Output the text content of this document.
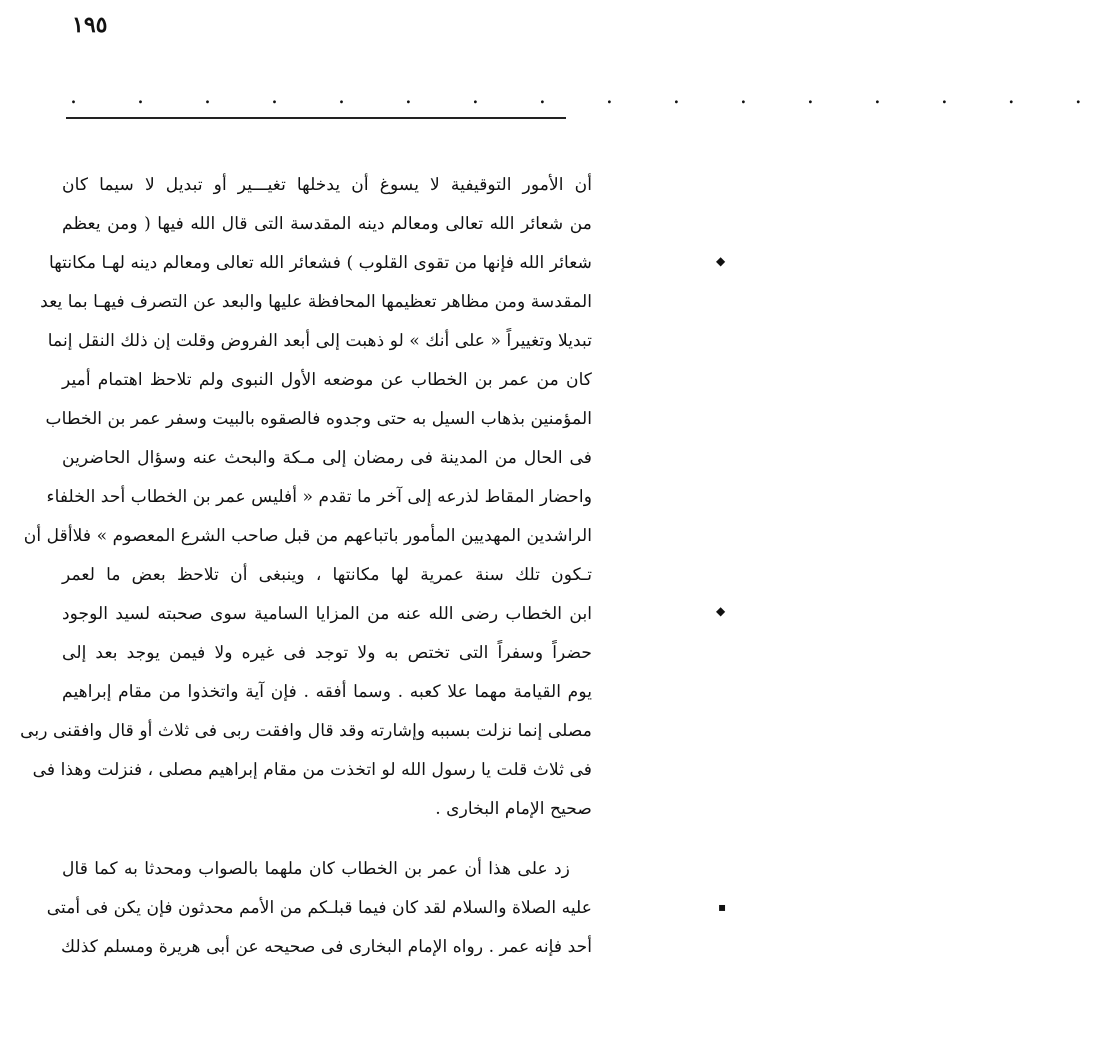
١٩٥
. . . . . . . . . . . . . . . .
أن الأمور التوقيفية لا يسوغ أن يدخلها تغيـــير أو تبديل لا سيما كان
من شعائر الله تعالى ومعالم دينه المقدسة التى قال الله فيها ( ومن يعظم
شعائر الله فإنها من تقوى القلوب ) فشعائر الله تعالى ومعالم دينه لهـا مكانتها
المقدسة ومن مظاهر تعظيمها المحافظة عليها والبعد عن التصرف فيهـا بما يعد
تبديلا وتغييراً « على أنك » لو ذهبت إلى أبعد الفروض وقلت إن ذلك النقل إنما
كان من عمر بن الخطاب عن موضعه الأول النبوى ولم تلاحظ اهتمام أمير
المؤمنين بذهاب السيل به حتى وجدوه فالصقوه بالبيت وسفر عمر بن الخطاب
فى الحال من المدينة فى رمضان إلى مـكة والبحث عنه وسؤال الحاضرين
واحضار المقاط لذرعه إلى آخر ما تقدم « أفليس عمر بن الخطاب أحد الخلفاء
الراشدين المهديين المأمور باتباعهم من قبل صاحب الشرع المعصوم » فلاأقل أن
تـكون تلك سنة عمرية لها مكانتها ، وينبغى أن تلاحظ بعض ما لعمر
ابن الخطاب رضى الله عنه من المزايا السامية سوى صحبته لسيد الوجود
حضراً وسفراً التى تختص به ولا توجد فى غيره ولا فيمن يوجد بعد إلى
يوم القيامة مهما علا كعبه . وسما أفقه . فإن آية واتخذوا من مقام إبراهيم
مصلى إنما نزلت بسببه وإشارته وقد قال وافقت ربى فى ثلاث أو قال وافقنى ربى
فى ثلاث قلت يا رسول الله لو اتخذت من مقام إبراهيم مصلى ، فنزلت وهذا فى
صحيح الإمام البخارى .
زد على هذا أن عمر بن الخطاب كان ملهما بالصواب ومحدثا به كما قال
عليه الصلاة والسلام لقد كان فيما قبلـكم من الأمم محدثون فإن يكن فى أمتى
أحد فإنه عمر . رواه الإمام البخارى فى صحيحه عن أبى هريرة ومسلم كذلك
◆
◆
▪
